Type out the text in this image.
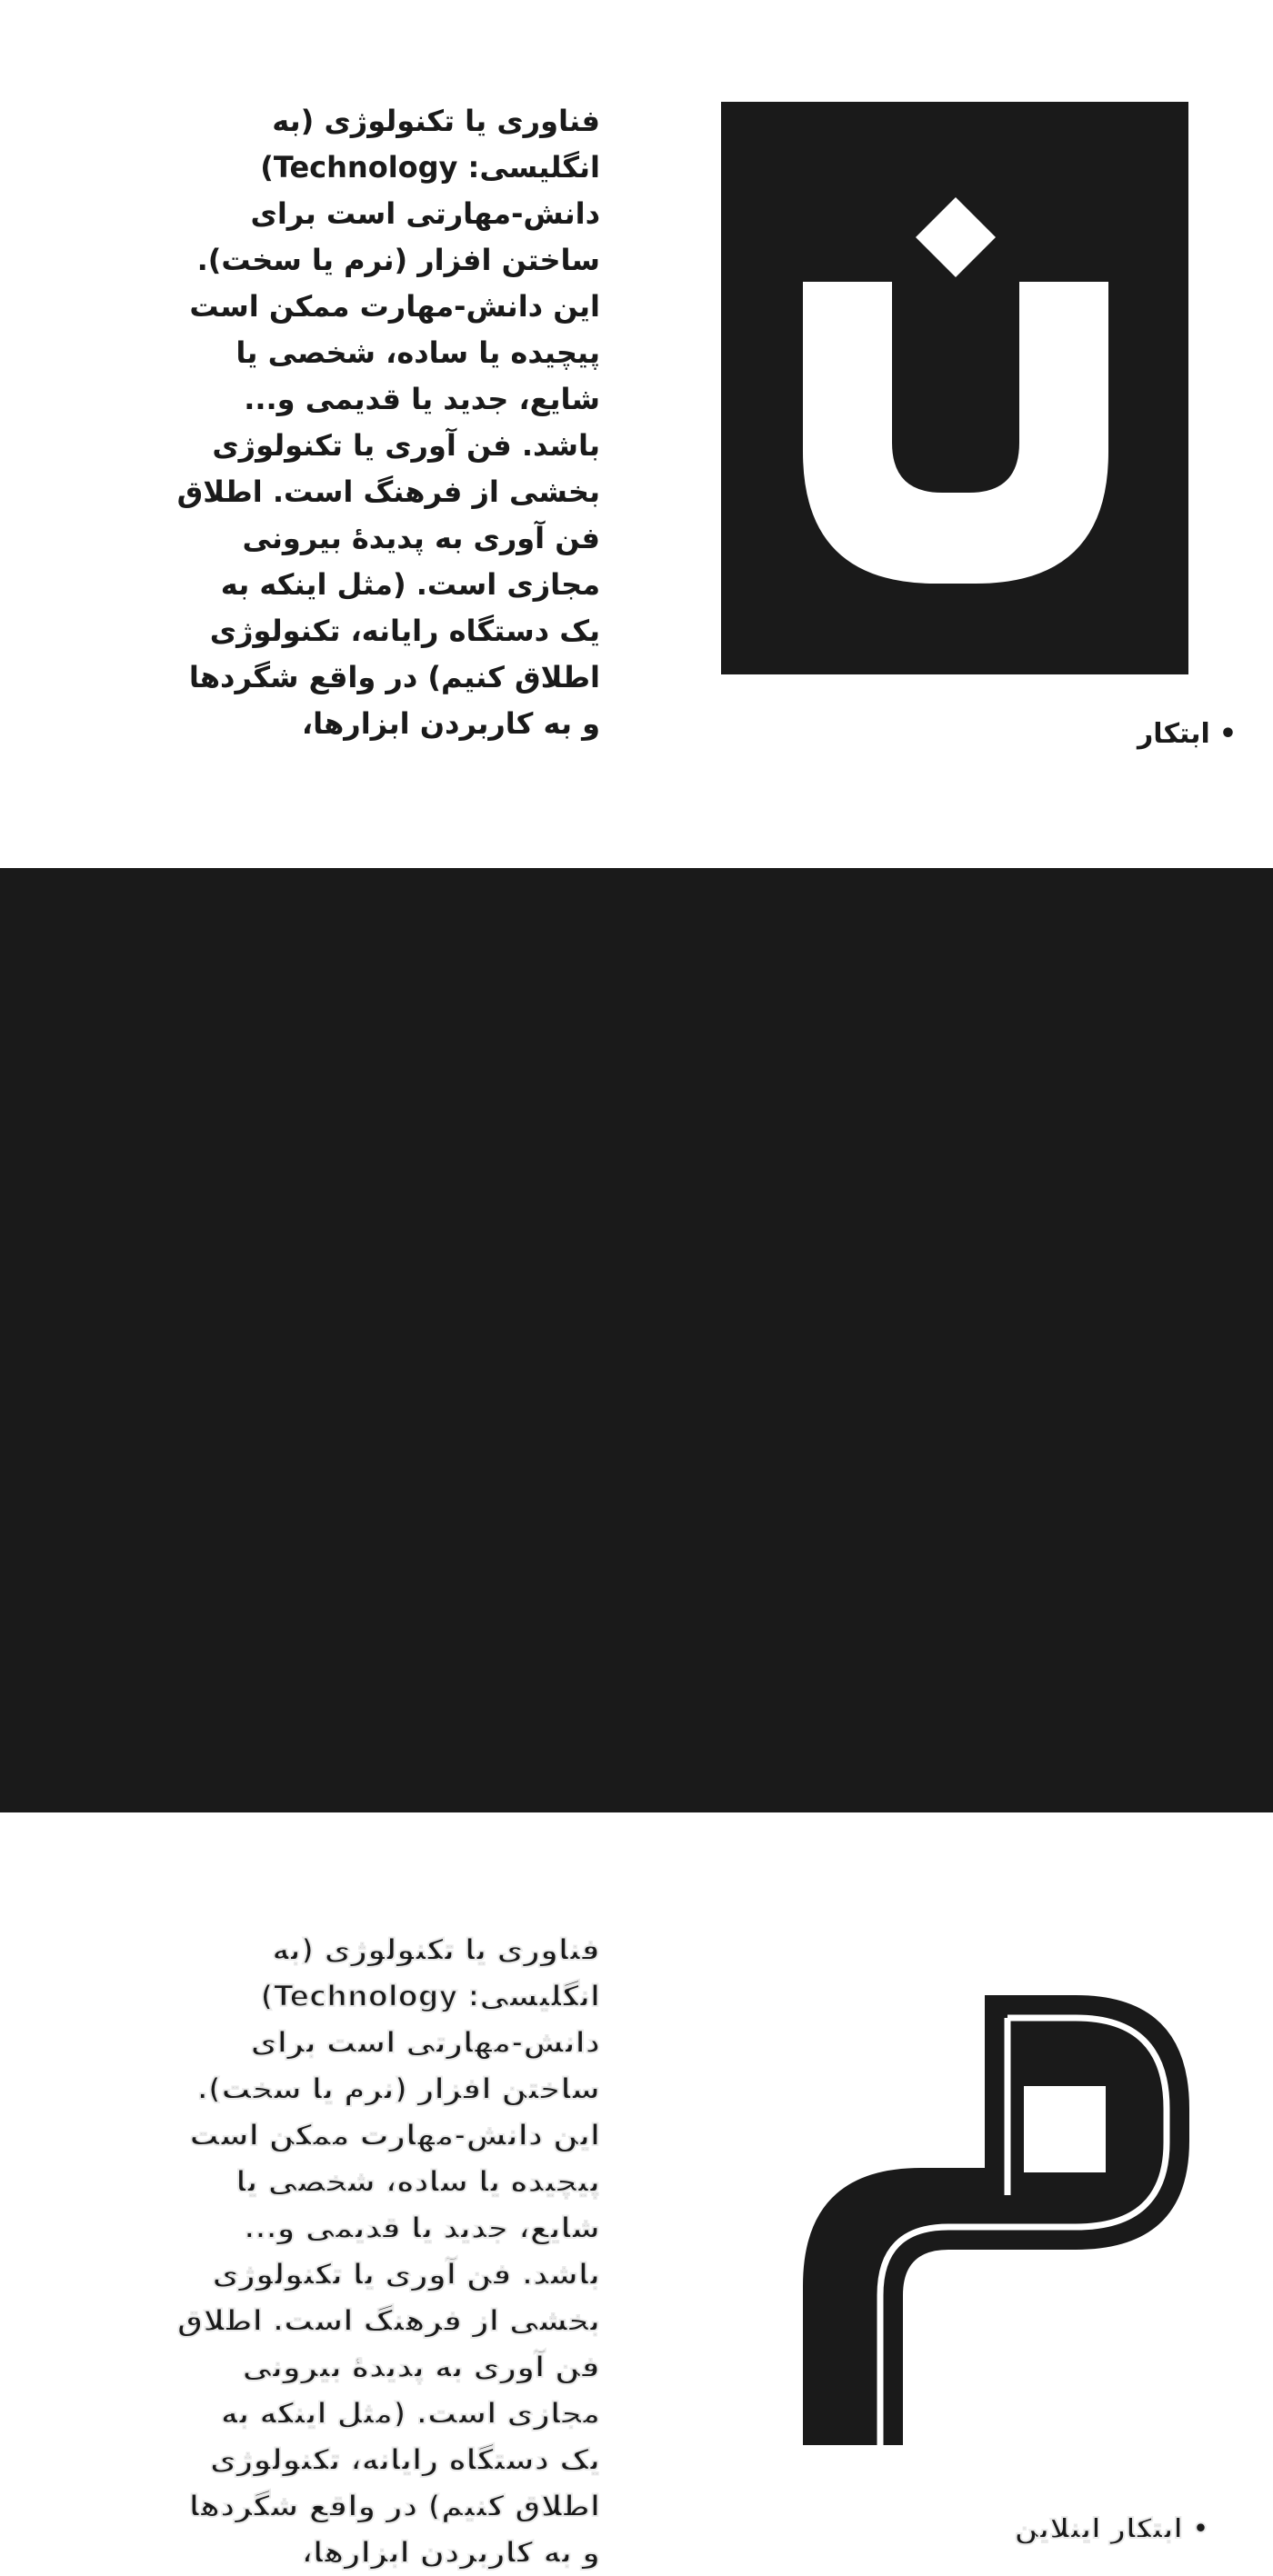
فناوری یا تکنولوژی (به
انگلیسی: Technology)
دانش-مهارتی است برای
ساختن افزار (نرم یا سخت).
این دانش-مهارت ممکن است
پیچیده یا ساده، شخصی یا
شایع، جدید یا قدیمی و...
باشد. فن آوری یا تکنولوژی
بخشی از فرهنگ است. اطلاق
فن آوری به پدیدهٔ بیرونی
مجازی است. (مثل اینکه به
یک دستگاه رایانه، تکنولوژی
اطلاق کنیم) در واقع شگردها
و به کاربردن ابزارها،	•ابتکار
فناوری یا تکنولوژی (به
انگلیسی: Technology)
دانش-مهارتی است برای
ساختن افزار (نرم یا سخت).
این دانش-مهارت ممکن است
پیچیده یا ساده، شخصی یا
شایع، جدید یا قدیمی و...
باشد. فن آوری یا تکنولوژی
بخشی از فرهنگ است. اطلاق
فن آوری به پدیدهٔ بیرونی
مجازی است. (مثل اینکه به
یک دستگاه رایانه، تکنولوژی
اطلاق کنیم) در واقع شگردها
و به کاربردن ابزارها،
•ابتکار اینلاین
